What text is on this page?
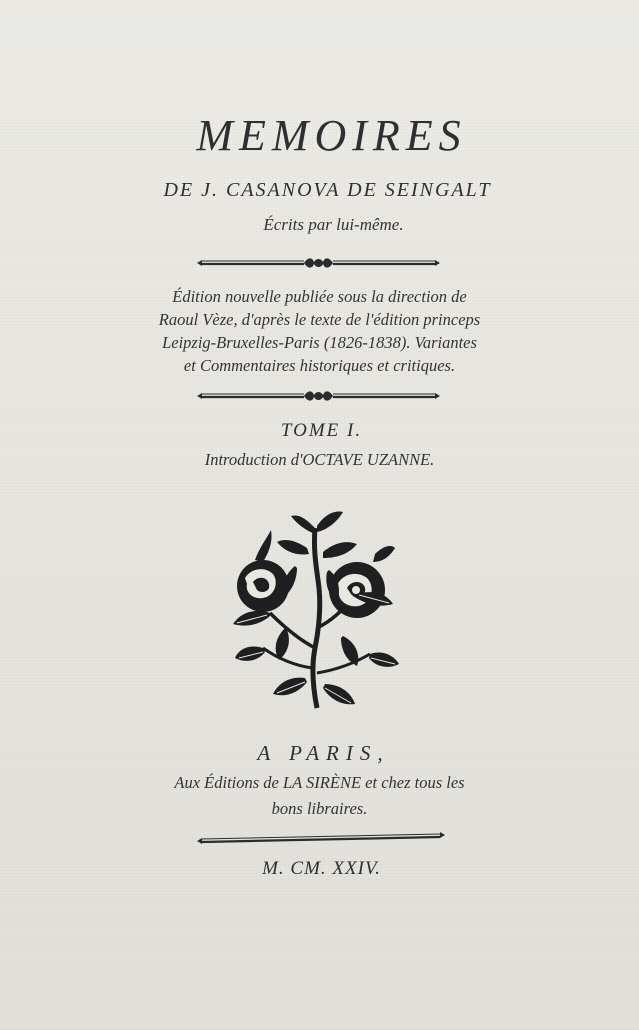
MEMOIRES
DE J. CASANOVA DE SEINGALT
Écrits par lui-même.
Édition nouvelle publiée sous la direction de
Raoul Vèze, d'après le texte de l'édition princeps
Leipzig-Bruxelles-Paris (1826-1838). Variantes
et Commentaires historiques et critiques.
TOME I.
Introduction d'OCTAVE UZANNE.
A PARIS,
Aux Éditions de LA SIRÈNE et chez tous les
bons libraires.
M. CM. XXIV.
